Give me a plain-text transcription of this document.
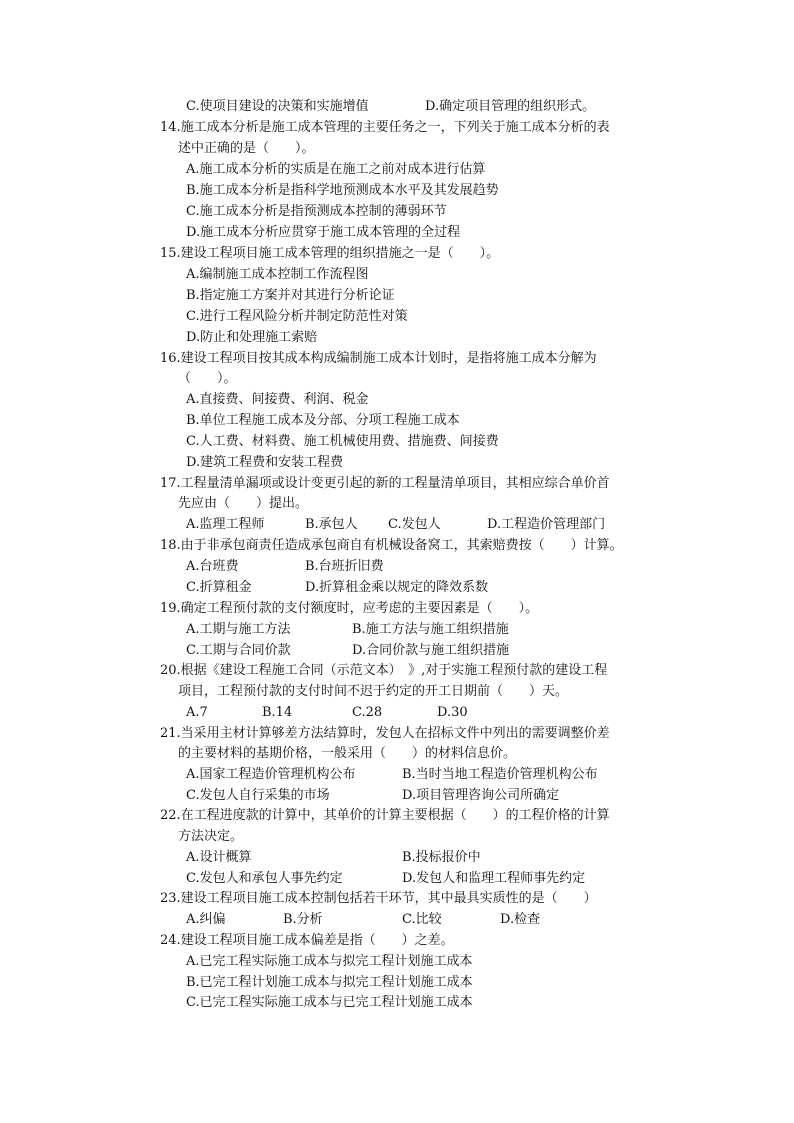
C.使项目建设的决策和实施增值	D.确定项目管理的组织形式。
14.施工成本分析是施工成本管理的主要任务之一，下列关于施工成本分析的表
述中正确的是（　　）。
A.施工成本分析的实质是在施工之前对成本进行估算
B.施工成本分析是指科学地预测成本水平及其发展趋势
C.施工成本分析是指预测成本控制的薄弱环节
D.施工成本分析应贯穿于施工成本管理的全过程
15.建设工程项目施工成本管理的组织措施之一是（　　）。
A.编制施工成本控制工作流程图
B.指定施工方案并对其进行分析论证
C.进行工程风险分析并制定防范性对策
D.防止和处理施工索赔
16.建设工程项目按其成本构成编制施工成本计划时，是指将施工成本分解为
（　　）。
A.直接费、间接费、利润、税金
B.单位工程施工成本及分部、分项工程施工成本
C.人工费、材料费、施工机械使用费、措施费、间接费
D.建筑工程费和安装工程费
17.工程量清单漏项或设计变更引起的新的工程量清单项目，其相应综合单价首
先应由（　　）提出。
A.监理工程师	B.承包人 C.发包人	D.工程造价管理部门
18.由于非承包商责任造成承包商自有机械设备窝工，其索赔费按（　　）计算。
A.台班费	B.台班折旧费
C.折算租金	D.折算租金乘以规定的降效系数
19.确定工程预付款的支付额度时，应考虑的主要因素是（　　）。
A.工期与施工方法	B.施工方法与施工组织措施
C.工期与合同价款	D.合同价款与施工组织措施
20.根据《建设工程施工合同（示范文本）　》,对于实施工程预付款的建设工程
项目，工程预付款的支付时间不迟于约定的开工日期前（　　）天。
A.7	B.14	C.28	D.30
21.当采用主材计算够差方法结算时，发包人在招标文件中列出的需要调整价差
的主要材料的基期价格，一般采用（　　）的材料信息价。
A.国家工程造价管理机构公布	B.当时当地工程造价管理机构公布
C.发包人自行采集的市场	D.项目管理咨询公司所确定
22.在工程进度款的计算中，其单价的计算主要根据（　　）的工程价格的计算
方法决定。
A.设计概算	B.投标报价中
C.发包人和承包人事先约定	D.发包人和监理工程师事先约定
23.建设工程项目施工成本控制包括若干环节，其中最具实质性的是（　　）
A.纠偏	B.分析	C.比较	D.检查
24.建设工程项目施工成本偏差是指（　　）之差。
A.已完工程实际施工成本与拟完工程计划施工成本
B.已完工程计划施工成本与拟完工程计划施工成本
C.已完工程实际施工成本与已完工程计划施工成本
